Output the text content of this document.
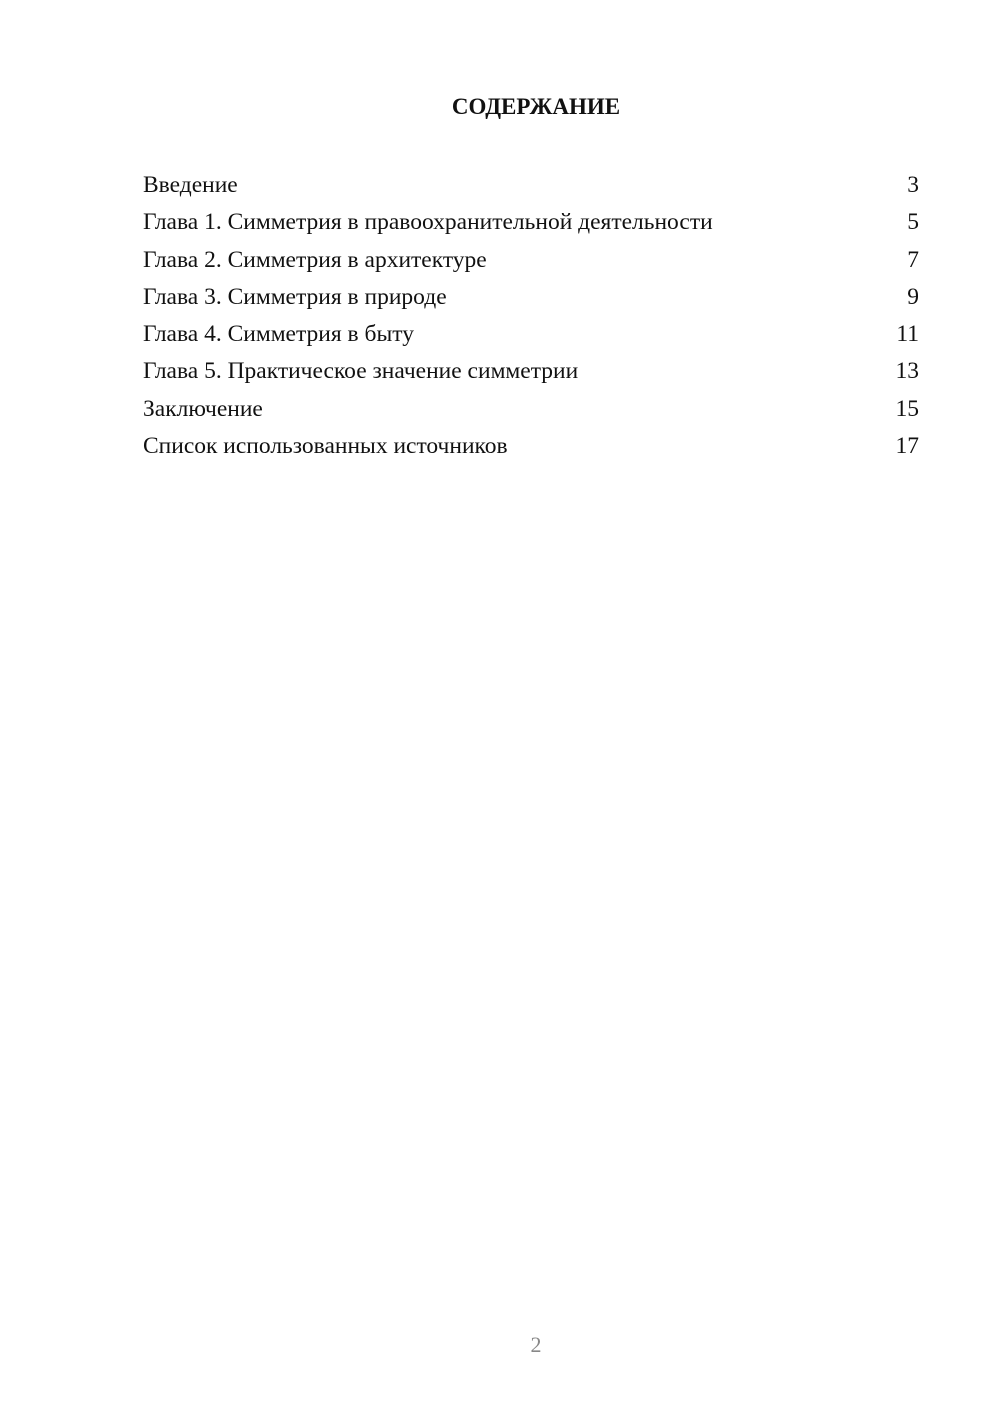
СОДЕРЖАНИЕ
Введение	3
Глава 1. Симметрия в правоохранительной деятельности	5
Глава 2. Симметрия в архитектуре	7
Глава 3. Симметрия в природе	9
Глава 4. Симметрия в быту	11
Глава 5. Практическое значение симметрии	13
Заключение	15
Список использованных источников	17
2
